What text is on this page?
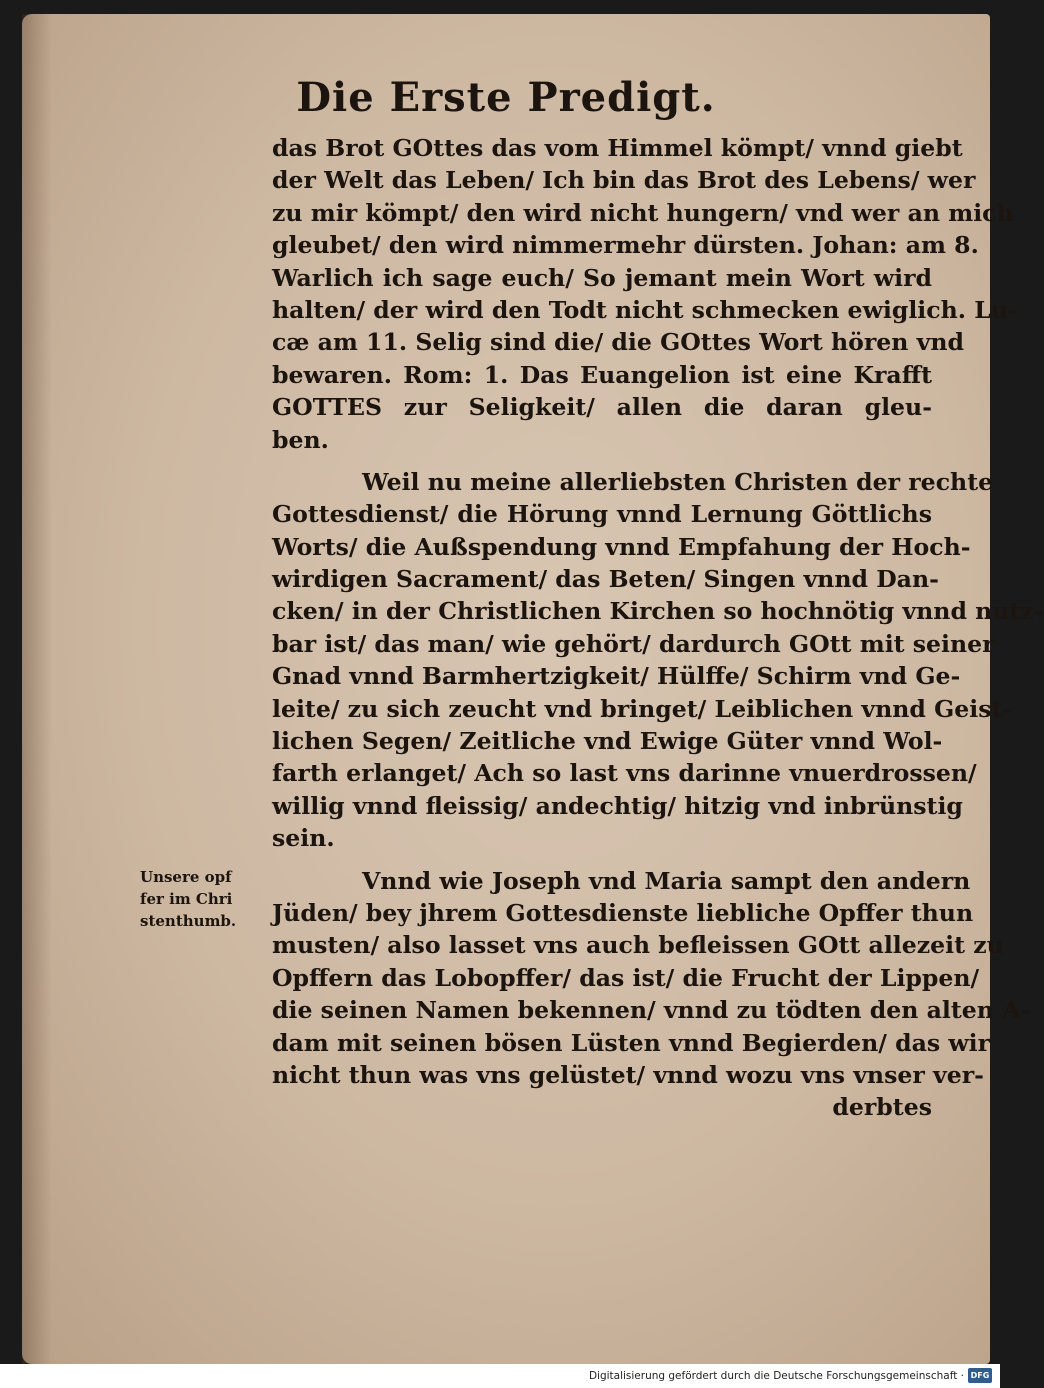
Die Erste Predigt.
Unsere opf
fer im Chri
stenthumb.
das Brot GOttes das vom Himmel kömpt/ vnnd giebt
der Welt das Leben/ Ich bin das Brot des Lebens/ wer
zu mir kömpt/ den wird nicht hungern/ vnd wer an mich
gleubet/ den wird nimmermehr dürsten. Johan: am 8.
Warlich ich sage euch/ So jemant mein Wort wird
halten/ der wird den Todt nicht schmecken ewiglich. Lu-
cæ am 11. Selig sind die/ die GOttes Wort hören vnd
bewaren. Rom: 1. Das Euangelion ist eine Krafft
GOTTES zur Seligkeit/ allen die daran gleu-
ben.
Weil nu meine allerliebsten Christen der rechte
Gottesdienst/ die Hörung vnnd Lernung Göttlichs
Worts/ die Außspendung vnnd Empfahung der Hoch-
wirdigen Sacrament/ das Beten/ Singen vnnd Dan-
cken/ in der Christlichen Kirchen so hochnötig vnnd nutz-
bar ist/ das man/ wie gehört/ dardurch GOtt mit seiner
Gnad vnnd Barmhertzigkeit/ Hülffe/ Schirm vnd Ge-
leite/ zu sich zeucht vnd bringet/ Leiblichen vnnd Geist-
lichen Segen/ Zeitliche vnd Ewige Güter vnnd Wol-
farth erlanget/ Ach so last vns darinne vnuerdrossen/
willig vnnd fleissig/ andechtig/ hitzig vnd inbrünstig
sein.
Vnnd wie Joseph vnd Maria sampt den andern
Jüden/ bey jhrem Gottesdienste liebliche Opffer thun
musten/ also lasset vns auch befleissen GOtt allezeit zu
Opffern das Lobopffer/ das ist/ die Frucht der Lippen/
die seinen Namen bekennen/ vnnd zu tödten den alten A-
dam mit seinen bösen Lüsten vnnd Begierden/ das wir
nicht thun was vns gelüstet/ vnnd wozu vns vnser ver-
derbtes
Digitalisierung gefördert durch die Deutsche Forschungsgemeinschaft · DFG
